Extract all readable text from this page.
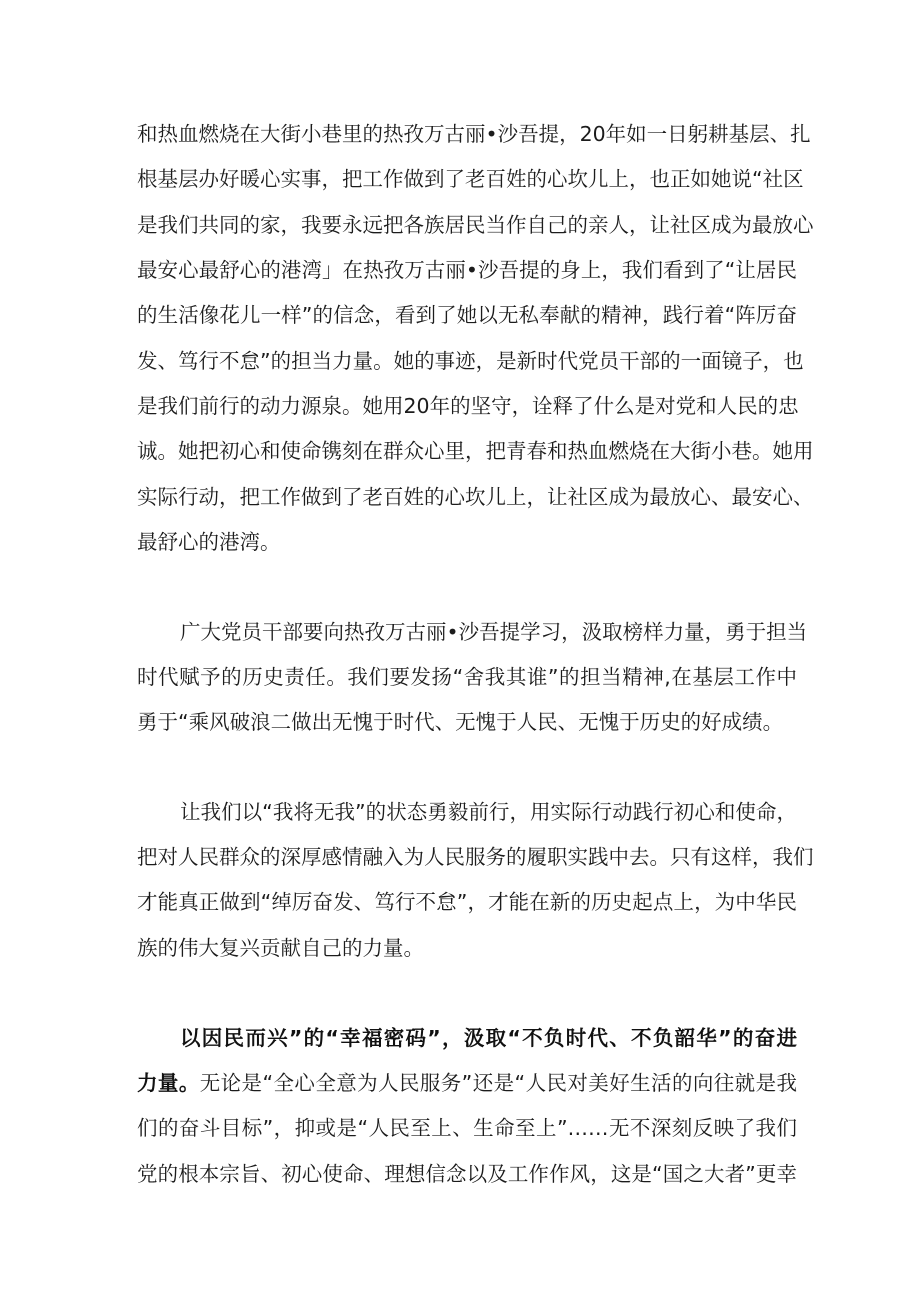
和热血燃烧在大街小巷里的热孜万古丽•沙吾提，20年如一日躬耕基层、扎
根基层办好暖心实事，把工作做到了老百姓的心坎儿上，也正如她说“社区
是我们共同的家，我要永远把各族居民当作自己的亲人，让社区成为最放心
最安心最舒心的港湾」在热孜万古丽•沙吾提的身上，我们看到了“让居民
的生活像花儿一样”的信念，看到了她以无私奉献的精神，践行着“阵厉奋
发、笃行不怠”的担当力量。她的事迹，是新时代党员干部的一面镜子，也
是我们前行的动力源泉。她用20年的坚守，诠释了什么是对党和人民的忠
诚。她把初心和使命镌刻在群众心里，把青春和热血燃烧在大街小巷。她用
实际行动，把工作做到了老百姓的心坎儿上，让社区成为最放心、最安心、
最舒心的港湾。
广大党员干部要向热孜万古丽•沙吾提学习，汲取榜样力量，勇于担当
时代赋予的历史责任。我们要发扬“舍我其谁”的担当精神,在基层工作中
勇于“乘风破浪二做出无愧于时代、无愧于人民、无愧于历史的好成绩。
让我们以“我将无我”的状态勇毅前行，用实际行动践行初心和使命，
把对人民群众的深厚感情融入为人民服务的履职实践中去。只有这样，我们
才能真正做到“绰厉奋发、笃行不怠”，才能在新的历史起点上，为中华民
族的伟大复兴贡献自己的力量。
以因民而兴”的“幸福密码”，汲取“不负时代、不负韶华”的奋进
力量。无论是“全心全意为人民服务”还是“人民对美好生活的向往就是我
们的奋斗目标”，抑或是“人民至上、生命至上”……无不深刻反映了我们
党的根本宗旨、初心使命、理想信念以及工作作风，这是“国之大者”更幸
